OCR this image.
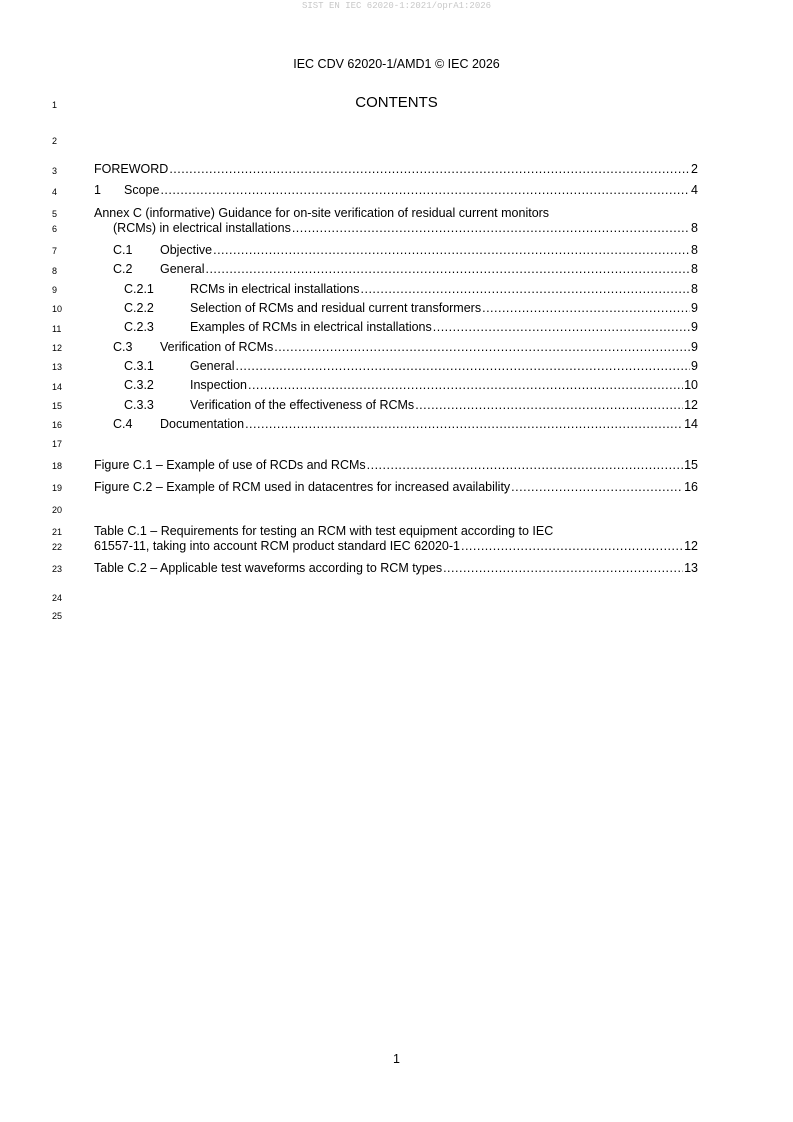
SIST EN IEC 62020-1:2021/oprA1:2026
IEC CDV 62020-1/AMD1 © IEC 2026
CONTENTS
1
2
3
4
5
6
7
8
9
10
11
12
13
14
15
16
17
18
19
20
21
22
23
24
25
FOREWORD .....	2
1	Scope .....	4
Annex C (informative) Guidance for on-site verification of residual current monitors
(RCMs) in electrical installations .....	8
C.1	Objective .....	8
C.2	General .....	8
C.2.1	RCMs in electrical installations .....	8
C.2.2	Selection of RCMs and residual current transformers .....	9
C.2.3	Examples of RCMs in electrical installations .....	9
C.3	Verification of RCMs .....	9
C.3.1	General .....	9
C.3.2	Inspection .....	10
C.3.3	Verification of the effectiveness of RCMs .....	12
C.4	Documentation .....	14
Figure C.1 – Example of use of RCDs and RCMs .....	15
Figure C.2 – Example of RCM used in datacentres for increased availability .....	16
Table C.1 – Requirements for testing an RCM with test equipment according to IEC
61557-11, taking into account RCM product standard IEC 62020-1 .....	12
Table C.2 – Applicable test waveforms according to RCM types .....	13
1
